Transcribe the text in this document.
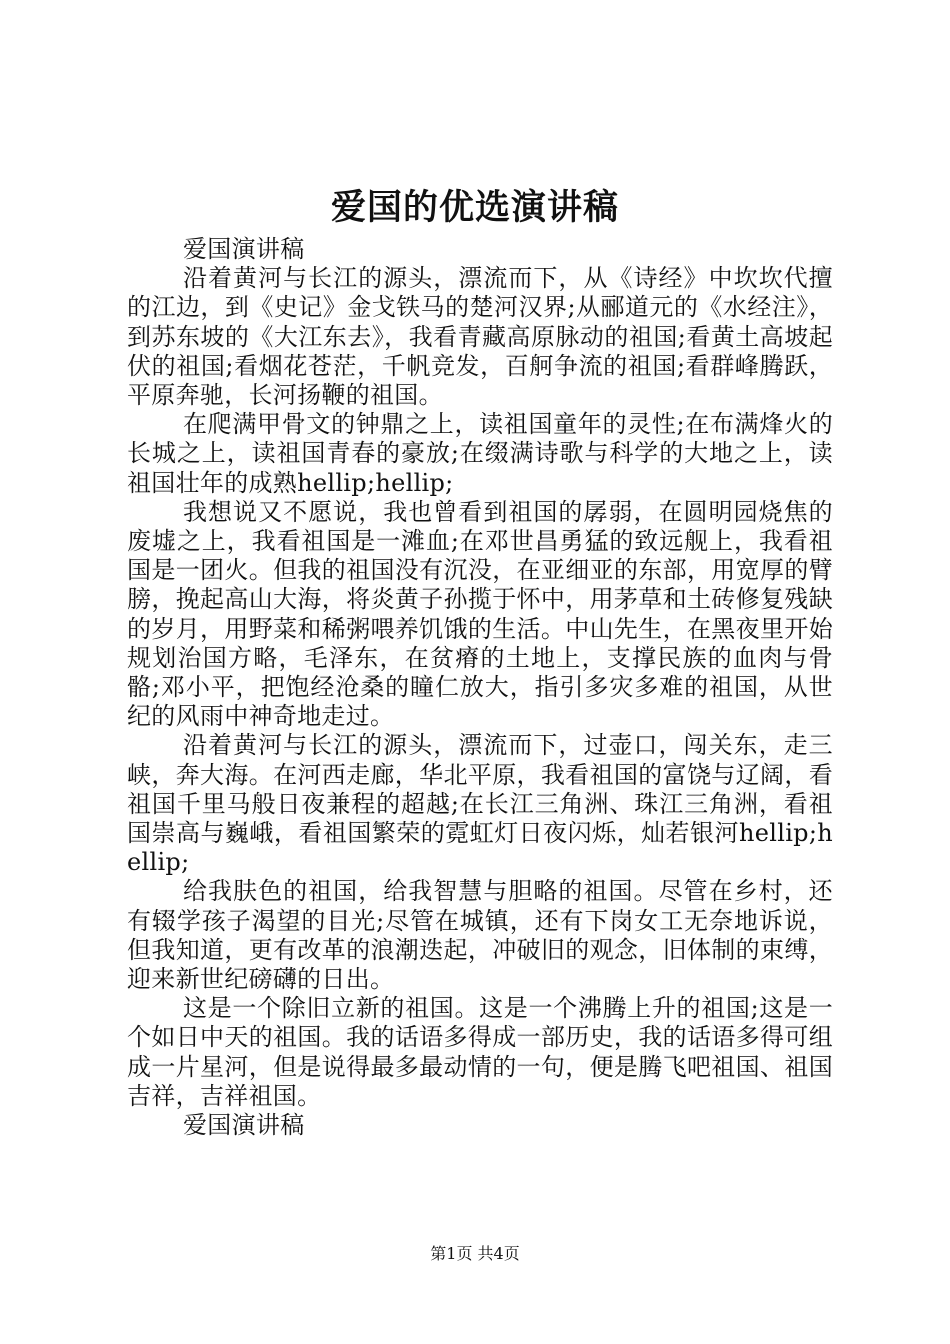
爱国的优选演讲稿

爱国演讲稿

沿着黄河与长江的源头，漂流而下，从《诗经》中坎坎代擅的江边，到《史记》金戈铁马的楚河汉界;从郦道元的《水经注》，到苏东坡的《大江东去》，我看青藏高原脉动的祖国;看黄土高坡起伏的祖国;看烟花苍茫，千帆竞发，百舸争流的祖国;看群峰腾跃，平原奔驰，长河扬鞭的祖国。

在爬满甲骨文的钟鼎之上，读祖国童年的灵性;在布满烽火的长城之上，读祖国青春的豪放;在缀满诗歌与科学的大地之上，读祖国壮年的成熟hellip;hellip;

我想说又不愿说，我也曾看到祖国的孱弱，在圆明园烧焦的废墟之上，我看祖国是一滩血;在邓世昌勇猛的致远舰上，我看祖国是一团火。但我的祖国没有沉没，在亚细亚的东部，用宽厚的臂膀，挽起高山大海，将炎黄子孙揽于怀中，用茅草和土砖修复残缺的岁月，用野菜和稀粥喂养饥饿的生活。中山先生，在黑夜里开始规划治国方略，毛泽东，在贫瘠的土地上，支撑民族的血肉与骨骼;邓小平，把饱经沧桑的瞳仁放大，指引多灾多难的祖国，从世纪的风雨中神奇地走过。

沿着黄河与长江的源头，漂流而下，过壶口，闯关东，走三峡，奔大海。在河西走廊，华北平原，我看祖国的富饶与辽阔，看祖国千里马般日夜兼程的超越;在长江三角洲、珠江三角洲，看祖国崇高与巍峨，看祖国繁荣的霓虹灯日夜闪烁，灿若银河hellip;hellip;

给我肤色的祖国，给我智慧与胆略的祖国。尽管在乡村，还有辍学孩子渴望的目光;尽管在城镇，还有下岗女工无奈地诉说，但我知道，更有改革的浪潮迭起，冲破旧的观念，旧体制的束缚，迎来新世纪磅礴的日出。

这是一个除旧立新的祖国。这是一个沸腾上升的祖国;这是一个如日中天的祖国。我的话语多得成一部历史，我的话语多得可组成一片星河，但是说得最多最动情的一句，便是腾飞吧祖国、祖国吉祥，吉祥祖国。

爱国演讲稿

第1页 共4页
